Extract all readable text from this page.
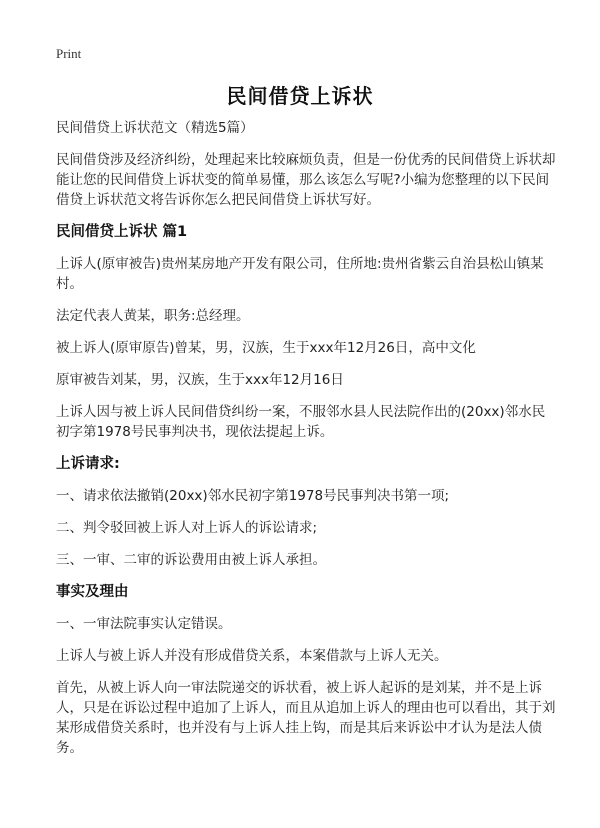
Print
民间借贷上诉状

民间借贷上诉状范文（精选5篇）

民间借贷涉及经济纠纷，处理起来比较麻烦负责，但是一份优秀的民间借贷上诉状却能让您的民间借贷上诉状变的简单易懂，那么该怎么写呢?小编为您整理的以下民间借贷上诉状范文将告诉你怎么把民间借贷上诉状写好。

民间借贷上诉状 篇1

上诉人(原审被告)贵州某房地产开发有限公司，住所地:贵州省紫云自治县松山镇某村。

法定代表人黄某，职务:总经理。

被上诉人(原审原告)曾某，男，汉族，生于xxx年12月26日，高中文化

原审被告刘某，男，汉族，生于xxx年12月16日

上诉人因与被上诉人民间借贷纠纷一案，不服邻水县人民法院作出的(20xx)邻水民初字第1978号民事判决书，现依法提起上诉。

上诉请求:

一、请求依法撤销(20xx)邻水民初字第1978号民事判决书第一项;

二、判令驳回被上诉人对上诉人的诉讼请求;

三、一审、二审的诉讼费用由被上诉人承担。

事实及理由

一、一审法院事实认定错误。

上诉人与被上诉人并没有形成借贷关系，本案借款与上诉人无关。

首先，从被上诉人向一审法院递交的诉状看，被上诉人起诉的是刘某，并不是上诉人，只是在诉讼过程中追加了上诉人，而且从追加上诉人的理由也可以看出，其于刘某形成借贷关系时，也并没有与上诉人挂上钩，而是其后来诉讼中才认为是法人债务。
